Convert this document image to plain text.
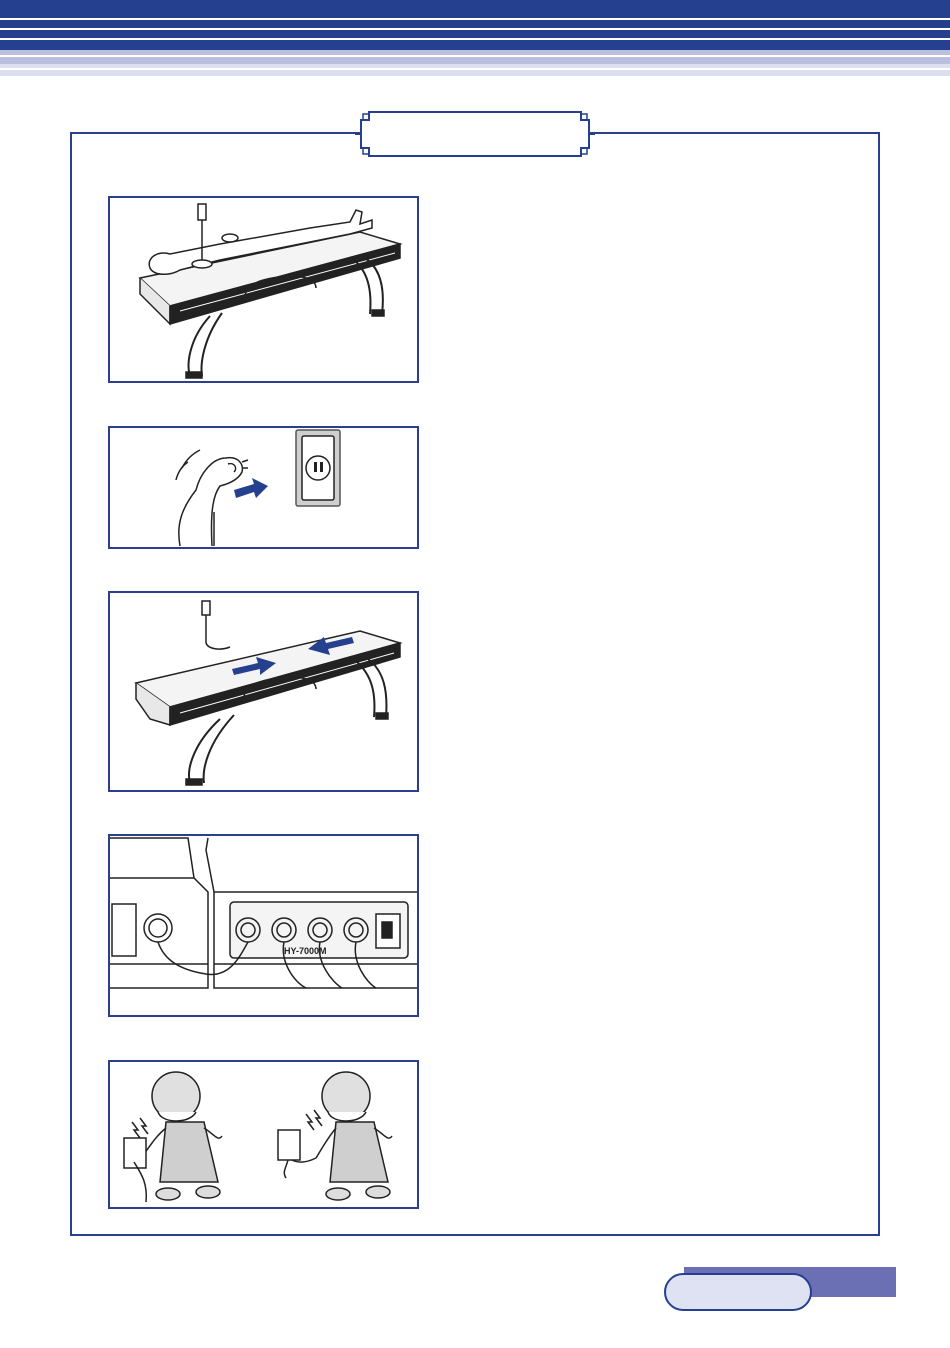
HY-7000M
